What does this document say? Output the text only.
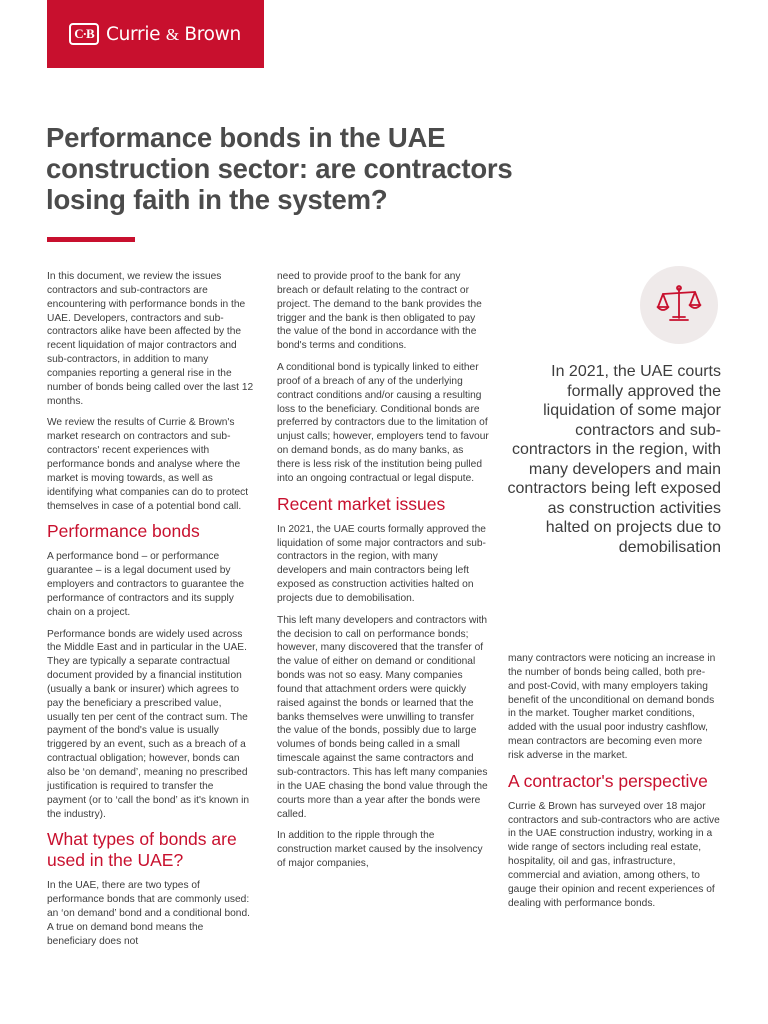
C·B Currie & Brown
Performance bonds in the UAE construction sector: are contractors losing faith in the system?

In this document, we review the issues contractors and sub-contractors are encountering with performance bonds in the UAE. Developers, contractors and sub-contractors alike have been affected by the recent liquidation of major contractors and sub-contractors, in addition to many companies reporting a general rise in the number of bonds being called over the last 12 months.

We review the results of Currie & Brown's market research on contractors and sub-contractors' recent experiences with performance bonds and analyse where the market is moving towards, as well as identifying what companies can do to protect themselves in case of a potential bond call.

Performance bonds

A performance bond – or performance guarantee – is a legal document used by employers and contractors to guarantee the performance of contractors and its supply chain on a project.

Performance bonds are widely used across the Middle East and in particular in the UAE. They are typically a separate contractual document provided by a financial institution (usually a bank or insurer) which agrees to pay the beneficiary a prescribed value, usually ten per cent of the contract sum. The payment of the bond's value is usually triggered by an event, such as a breach of a contractual obligation; however, bonds can also be ‘on demand’, meaning no prescribed justification is required to transfer the payment (or to ‘call the bond’ as it's known in the industry).

What types of bonds are used in the UAE?

In the UAE, there are two types of performance bonds that are commonly used: an ‘on demand’ bond and a conditional bond. A true on demand bond means the beneficiary does not

need to provide proof to the bank for any breach or default relating to the contract or project. The demand to the bank provides the trigger and the bank is then obligated to pay the value of the bond in accordance with the bond's terms and conditions.

A conditional bond is typically linked to either proof of a breach of any of the underlying contract conditions and/or causing a resulting loss to the beneficiary. Conditional bonds are preferred by contractors due to the limitation of unjust calls; however, employers tend to favour on demand bonds, as do many banks, as there is less risk of the institution being pulled into an ongoing contractual or legal dispute.

Recent market issues

In 2021, the UAE courts formally approved the liquidation of some major contractors and sub-contractors in the region, with many developers and main contractors being left exposed as construction activities halted on projects due to demobilisation.

This left many developers and contractors with the decision to call on performance bonds; however, many discovered that the transfer of the value of either on demand or conditional bonds was not so easy. Many companies found that attachment orders were quickly raised against the bonds or learned that the banks themselves were unwilling to transfer the value of the bonds, possibly due to large volumes of bonds being called in a small timescale against the same contractors and sub-contractors. This has left many companies in the UAE chasing the bond value through the courts more than a year after the bonds were called.

In addition to the ripple through the construction market caused by the insolvency of major companies,

In 2021, the UAE courts formally approved the liquidation of some major contractors and sub-contractors in the region, with many developers and main contractors being left exposed as construction activities halted on projects due to demobilisation

many contractors were noticing an increase in the number of bonds being called, both pre- and post-Covid, with many employers taking benefit of the unconditional on demand bonds in the market. Tougher market conditions, added with the usual poor industry cashflow, mean contractors are becoming even more risk adverse in the market.

A contractor's perspective

Currie & Brown has surveyed over 18 major contractors and sub-contractors who are active in the UAE construction industry, working in a wide range of sectors including real estate, hospitality, oil and gas, infrastructure, commercial and aviation, among others, to gauge their opinion and recent experiences of dealing with performance bonds.
